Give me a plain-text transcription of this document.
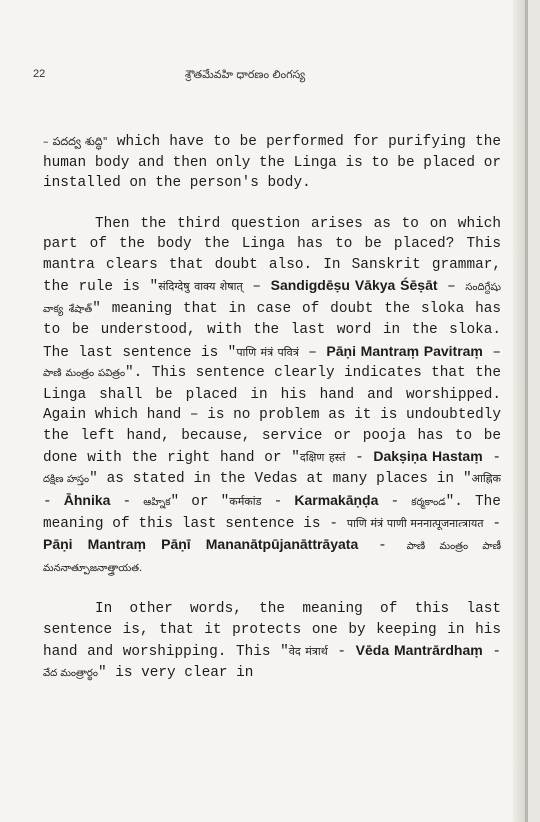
22	శ్రౌతమేవహి ధారణం లింగస్య

– పదద్వ శుద్ధి" which have to be performed for purifying the human body and then only the Linga is to be placed or installed on the person's body.

Then the third question arises as to on which part of the body the Linga has to be placed? This mantra clears that doubt also. In Sanskrit grammar, the rule is "संदिग्देषु वाक्य शेषात् – Sandigdēṣu Vākya Śēṣāt – సందిగ్దేషు వాక్య శేషాత్" meaning that in case of doubt the sloka has to be understood, with the last word in the sloka. The last sentence is "पाणि मंत्रं पवित्रं – Pāṇi Mantraṃ Pavitraṃ – పాణి మంత్రం పవిత్రం". This sentence clearly indicates that the Linga shall be placed in his hand and worshipped. Again which hand – is no problem as it is undoubtedly the left hand, because, service or pooja has to be done with the right hand or "दक्षिण हस्तं - Dakṣiṇa Hastaṃ - దక్షిణ హస్తం" as stated in the Vedas at many places in "आह्निक - Āhnika - ఆహ్నిక" or "कर्मकांड - Karmakāṇḍa - కర్మకాండ". The meaning of this last sentence is - पाणि मंत्रं पाणी मननात्पूजनात्त्रायत - Pāṇi Mantraṃ Pāṇī Mananātpūjanāttrāyata - పాణి మంత్రం పాణీ మననాత్పూజనాత్త్రాయత.

In other words, the meaning of this last sentence is, that it protects one by keeping in his hand and worshipping. This "वेद मंत्रार्थ - Vēda Mantrārdhaṃ - వేద మంత్రార్థం" is very clear in
